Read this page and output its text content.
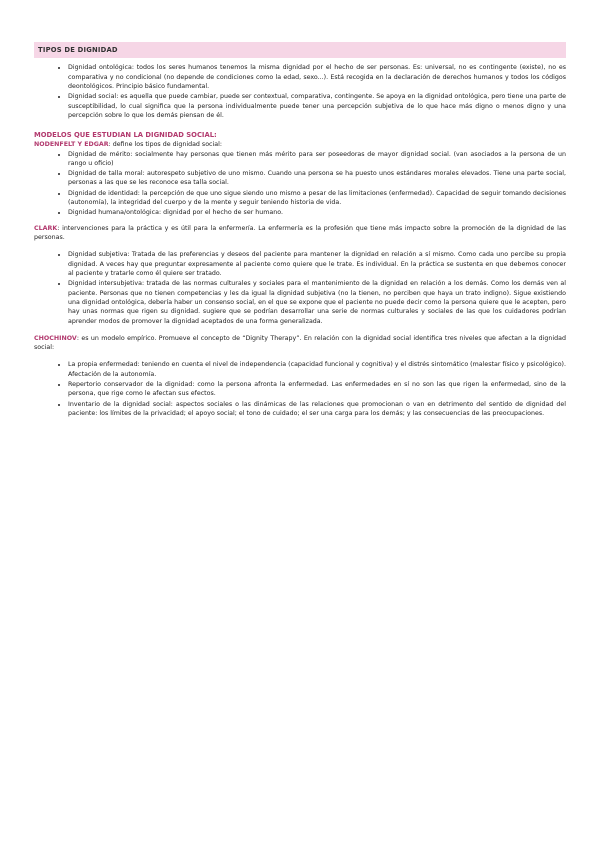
TIPOS DE DIGNIDAD
• Dignidad ontológica: todos los seres humanos tenemos la misma dignidad por el hecho de ser personas. Es: universal, no es contingente (existe), no es comparativa y no condicional (no depende de condiciones como la edad, sexo...). Está recogida en la declaración de derechos humanos y todos los códigos deontológicos. Principio básico fundamental.
• Dignidad social: es aquella que puede cambiar, puede ser contextual, comparativa, contingente. Se apoya en la dignidad ontológica, pero tiene una parte de susceptibilidad, lo cual significa que la persona individualmente puede tener una percepción subjetiva de lo que hace más digno o menos digno y una percepción sobre lo que los demás piensan de él.
MODELOS QUE ESTUDIAN LA DIGNIDAD SOCIAL:
NODENFELT Y EDGAR: define los tipos de dignidad social:
• Dignidad de mérito: socialmente hay personas que tienen más mérito para ser poseedoras de mayor dignidad social. (van asociados a la persona de un rango u oficio)
• Dignidad de talla moral: autorespeto subjetivo de uno mismo. Cuando una persona se ha puesto unos estándares morales elevados. Tiene una parte social, personas a las que se les reconoce esa talla social.
• Dignidad de identidad: la percepción de que uno sigue siendo uno mismo a pesar de las limitaciones (enfermedad). Capacidad de seguir tomando decisiones (autonomía), la integridad del cuerpo y de la mente y seguir teniendo historia de vida.
• Dignidad humana/ontológica: dignidad por el hecho de ser humano.
CLARK: intervenciones para la práctica y es útil para la enfermería. La enfermería es la profesión que tiene más impacto sobre la promoción de la dignidad de las personas.
• Dignidad subjetiva: Tratada de las preferencias y deseos del paciente para mantener la dignidad en relación a sí mismo. Como cada uno percibe su propia dignidad. A veces hay que preguntar expresamente al paciente como quiere que le trate. Es individual. En la práctica se sustenta en que debemos conocer al paciente y tratarle como él quiere ser tratado.
• Dignidad intersubjetiva: tratada de las normas culturales y sociales para el mantenimiento de la dignidad en relación a los demás. Como los demás ven al paciente. Personas que no tienen competencias y les da igual la dignidad subjetiva (no la tienen, no perciben que haya un trato indigno). Sigue existiendo una dignidad ontológica, debería haber un consenso social, en el que se expone que el paciente no puede decir como la persona quiere que le acepten, pero hay unas normas que rigen su dignidad. sugiere que se podrían desarrollar una serie de normas culturales y sociales de las que los cuidadores podrían aprender modos de promover la dignidad aceptados de una forma generalizada.
CHOCHINOV: es un modelo empírico. Promueve el concepto de “Dignity Therapy”. En relación con la dignidad social identifica tres niveles que afectan a la dignidad social:
• La propia enfermedad: teniendo en cuenta el nivel de independencia (capacidad funcional y cognitiva) y el distrés sintomático (malestar físico y psicológico). Afectación de la autonomía.
• Repertorio conservador de la dignidad: como la persona afronta la enfermedad. Las enfermedades en sí no son las que rigen la enfermedad, sino de la persona, que rige como le afectan sus efectos.
• Inventario de la dignidad social: aspectos sociales o las dinámicas de las relaciones que promocionan o van en detrimento del sentido de dignidad del paciente: los límites de la privacidad; el apoyo social; el tono de cuidado; el ser una carga para los demás; y las consecuencias de las preocupaciones.
